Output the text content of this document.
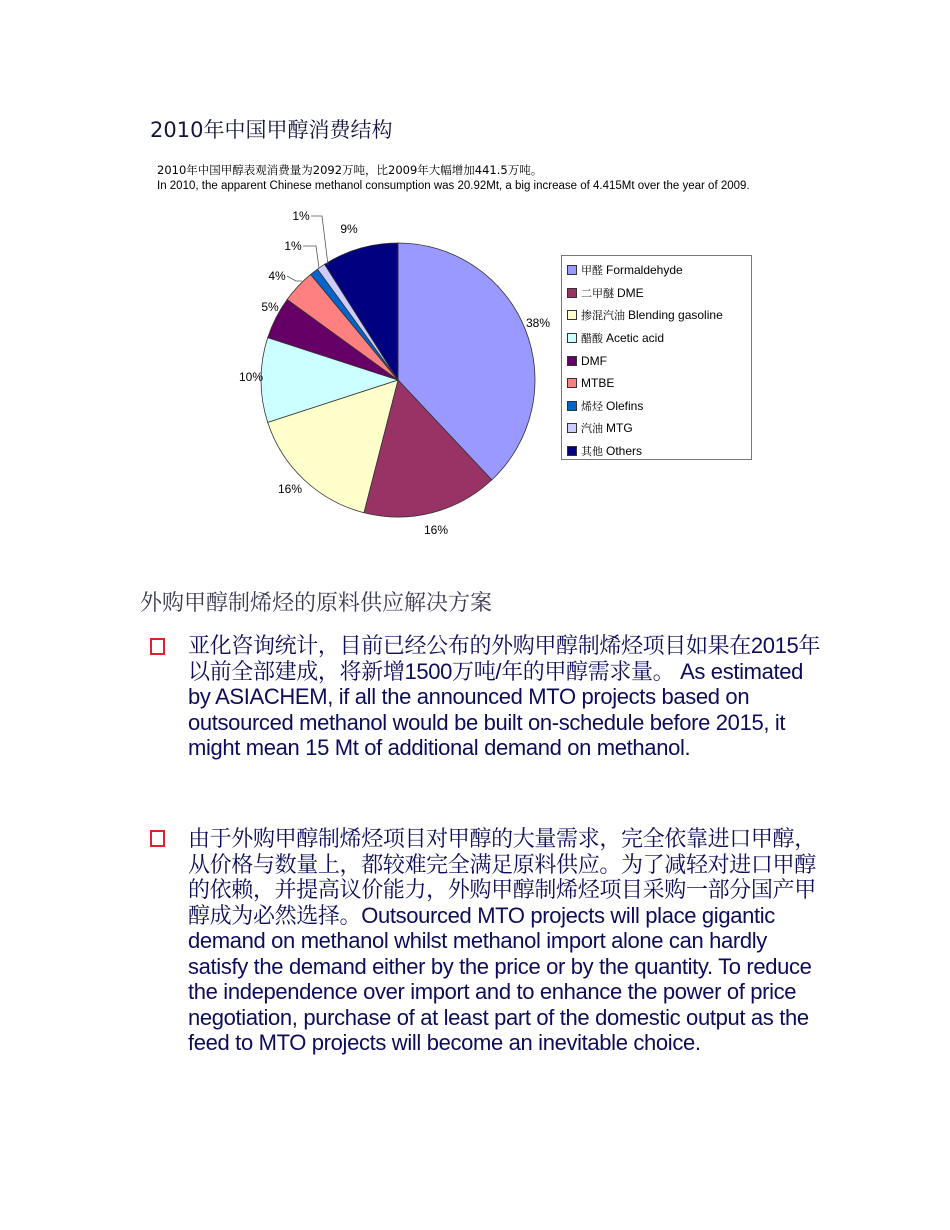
2010年中国甲醇消费结构
2010年中国甲醇表观消费量为2092万吨，比2009年大幅增加441.5万吨。
In 2010, the apparent Chinese methanol consumption was 20.92Mt, a big increase of 4.415Mt over the year of 2009.
38%
16%
16%
10%
5%
4%
1%
1%
9%
甲醛 Formaldehyde
二甲醚 DME
掺混汽油 Blending gasoline
醋酸 Acetic acid
DMF
MTBE
烯烃 Olefins
汽油 MTG
其他 Others
外购甲醇制烯烃的原料供应解决方案
亚化咨询统计，目前已经公布的外购甲醇制烯烃项目如果在2015年以前全部建成，将新增1500万吨/年的甲醇需求量。 As estimated by ASIACHEM, if all the announced MTO projects based on outsourced methanol would be built on-schedule before 2015, it might mean 15 Mt of additional demand on methanol.
由于外购甲醇制烯烃项目对甲醇的大量需求，完全依靠进口甲醇，从价格与数量上，都较难完全满足原料供应。为了减轻对进口甲醇的依赖，并提高议价能力，外购甲醇制烯烃项目采购一部分国产甲醇成为必然选择。Outsourced MTO projects will place gigantic demand on methanol whilst methanol import alone can hardly satisfy the demand either by the price or by the quantity. To reduce the independence over import and to enhance the power of price negotiation, purchase of at least part of the domestic output as the feed to MTO projects will become an inevitable choice.
